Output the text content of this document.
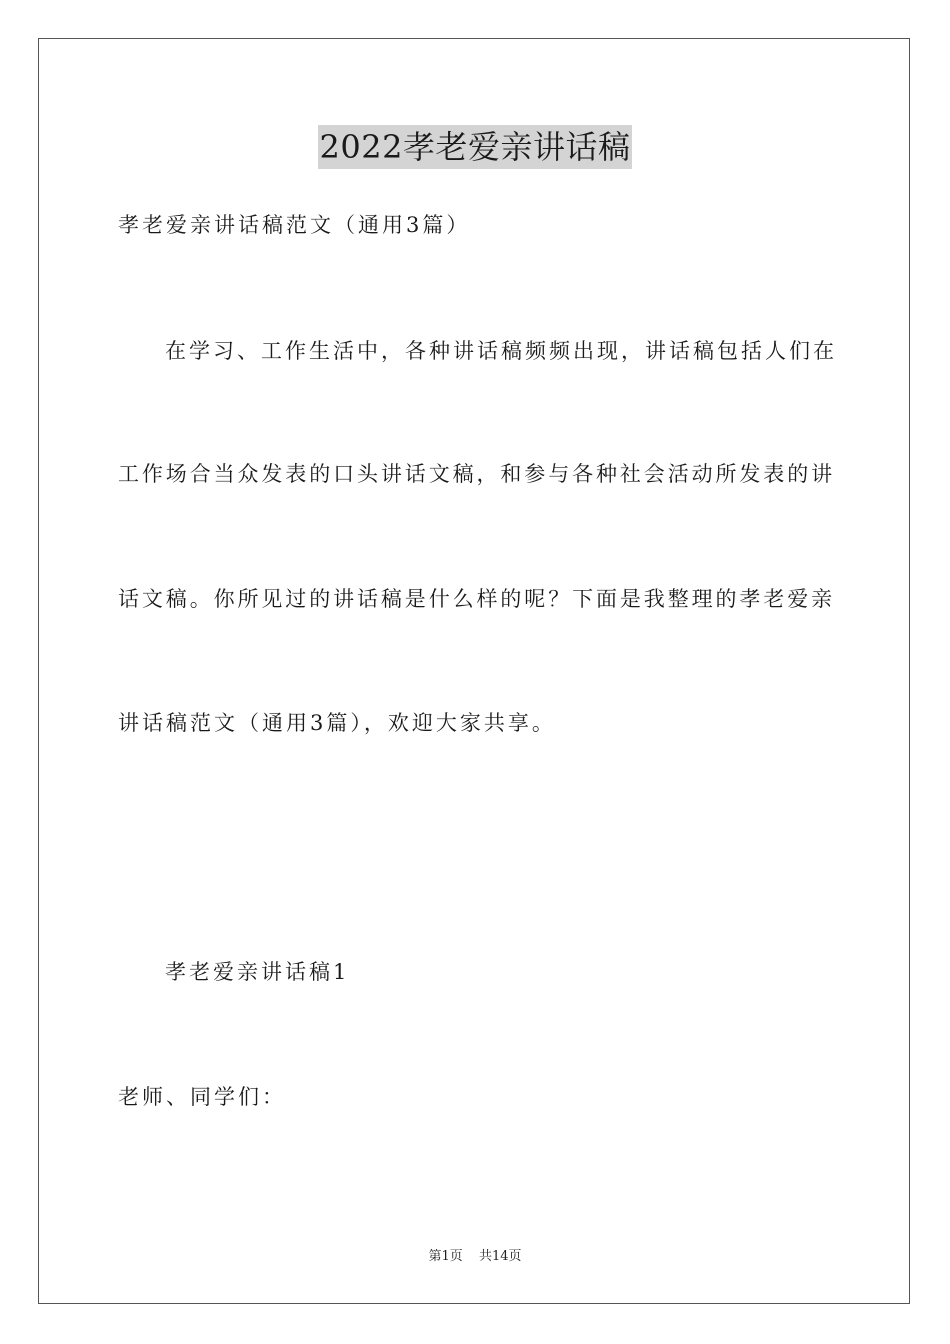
2022孝老爱亲讲话稿
孝老爱亲讲话稿范文（通用3篇）
在学习、工作生活中，各种讲话稿频频出现，讲话稿包括人们在
工作场合当众发表的口头讲话文稿，和参与各种社会活动所发表的讲
话文稿。你所见过的讲话稿是什么样的呢？下面是我整理的孝老爱亲
讲话稿范文（通用3篇），欢迎大家共享。
孝老爱亲讲话稿1
老师、同学们：
第1页 共14页
